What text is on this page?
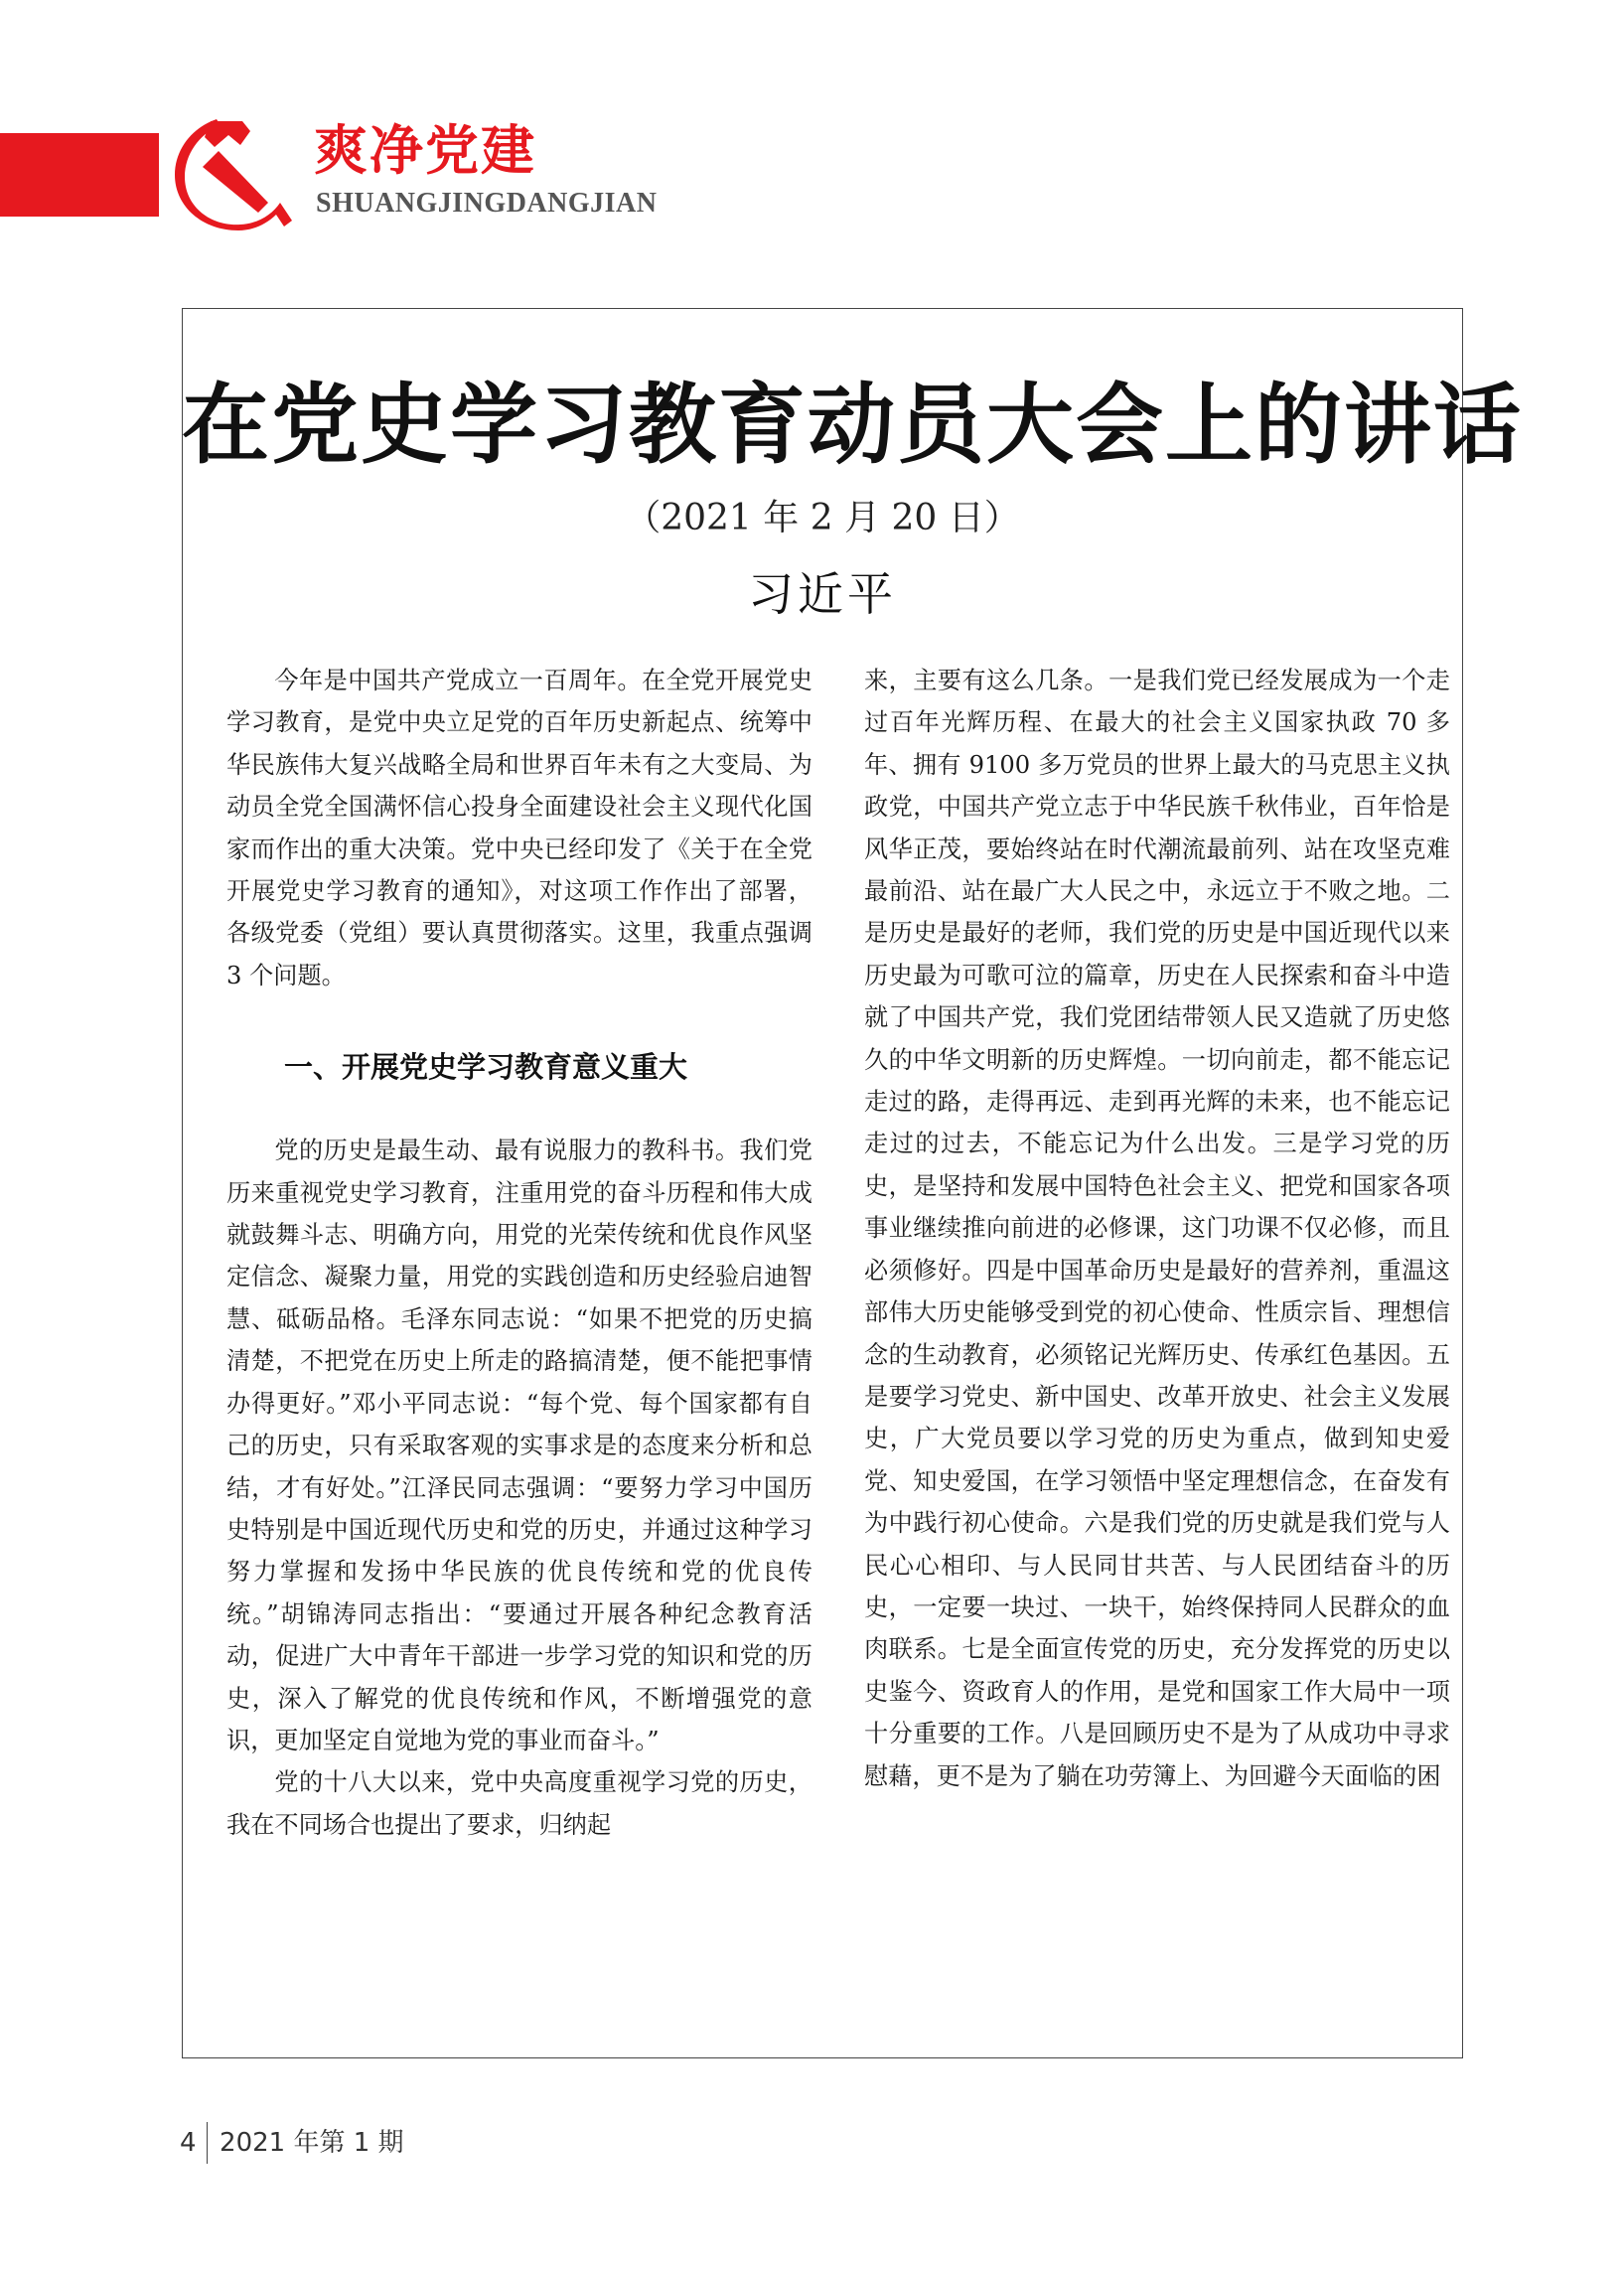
爽净党建
SHUANGJINGDANGJIAN
在党史学习教育动员大会上的讲话
（2021 年 2 月 20 日）
习近平

今年是中国共产党成立一百周年。在全党开展党史学习教育，是党中央立足党的百年历史新起点、统筹中华民族伟大复兴战略全局和世界百年未有之大变局、为动员全党全国满怀信心投身全面建设社会主义现代化国家而作出的重大决策。党中央已经印发了《关于在全党开展党史学习教育的通知》，对这项工作作出了部署，各级党委（党组）要认真贯彻落实。这里，我重点强调 3 个问题。

一、开展党史学习教育意义重大

党的历史是最生动、最有说服力的教科书。我们党历来重视党史学习教育，注重用党的奋斗历程和伟大成就鼓舞斗志、明确方向，用党的光荣传统和优良作风坚定信念、凝聚力量，用党的实践创造和历史经验启迪智慧、砥砺品格。毛泽东同志说：“如果不把党的历史搞清楚，不把党在历史上所走的路搞清楚，便不能把事情办得更好。”邓小平同志说：“每个党、每个国家都有自己的历史，只有采取客观的实事求是的态度来分析和总结，才有好处。”江泽民同志强调：“要努力学习中国历史特别是中国近现代历史和党的历史，并通过这种学习努力掌握和发扬中华民族的优良传统和党的优良传统。”胡锦涛同志指出：“要通过开展各种纪念教育活动，促进广大中青年干部进一步学习党的知识和党的历史，深入了解党的优良传统和作风，不断增强党的意识，更加坚定自觉地为党的事业而奋斗。”

党的十八大以来，党中央高度重视学习党的历史，我在不同场合也提出了要求，归纳起

来，主要有这么几条。一是我们党已经发展成为一个走过百年光辉历程、在最大的社会主义国家执政 70 多年、拥有 9100 多万党员的世界上最大的马克思主义执政党，中国共产党立志于中华民族千秋伟业，百年恰是风华正茂，要始终站在时代潮流最前列、站在攻坚克难最前沿、站在最广大人民之中，永远立于不败之地。二是历史是最好的老师，我们党的历史是中国近现代以来历史最为可歌可泣的篇章，历史在人民探索和奋斗中造就了中国共产党，我们党团结带领人民又造就了历史悠久的中华文明新的历史辉煌。一切向前走，都不能忘记走过的路，走得再远、走到再光辉的未来，也不能忘记走过的过去，不能忘记为什么出发。三是学习党的历史，是坚持和发展中国特色社会主义、把党和国家各项事业继续推向前进的必修课，这门功课不仅必修，而且必须修好。四是中国革命历史是最好的营养剂，重温这部伟大历史能够受到党的初心使命、性质宗旨、理想信念的生动教育，必须铭记光辉历史、传承红色基因。五是要学习党史、新中国史、改革开放史、社会主义发展史，广大党员要以学习党的历史为重点，做到知史爱党、知史爱国，在学习领悟中坚定理想信念，在奋发有为中践行初心使命。六是我们党的历史就是我们党与人民心心相印、与人民同甘共苦、与人民团结奋斗的历史，一定要一块过、一块干，始终保持同人民群众的血肉联系。七是全面宣传党的历史，充分发挥党的历史以史鉴今、资政育人的作用，是党和国家工作大局中一项十分重要的工作。八是回顾历史不是为了从成功中寻求慰藉，更不是为了躺在功劳簿上、为回避今天面临的困

4 2021 年第 1 期
